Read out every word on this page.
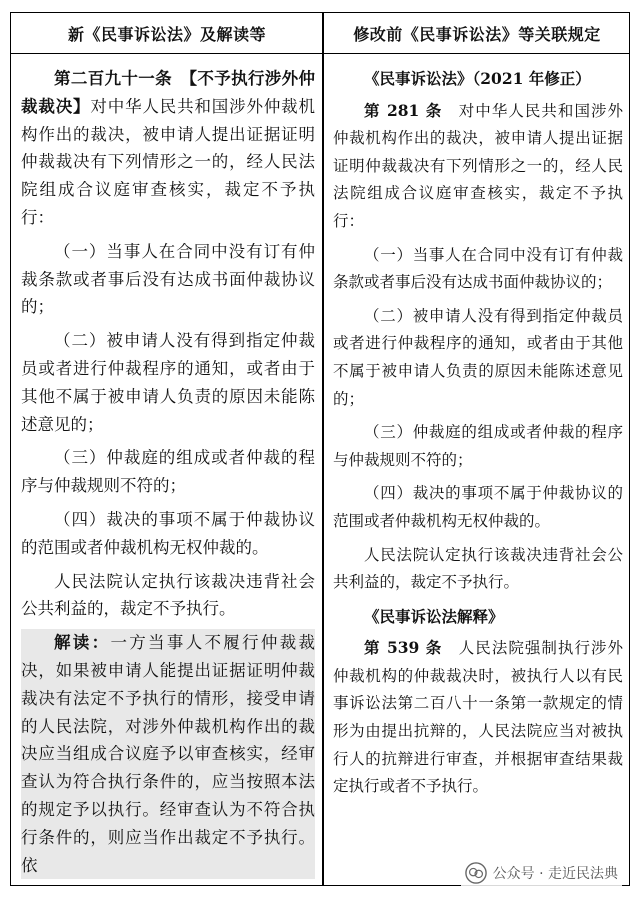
新《民事诉讼法》及解读等	修改前《民事诉讼法》等关联规定

第二百九十一条　【不予执行涉外仲裁裁决】对中华人民共和国涉外仲裁机构作出的裁决，被申请人提出证据证明仲裁裁决有下列情形之一的，经人民法院组成合议庭审查核实，裁定不予执行：

（一）当事人在合同中没有订有仲裁条款或者事后没有达成书面仲裁协议的；

（二）被申请人没有得到指定仲裁员或者进行仲裁程序的通知，或者由于其他不属于被申请人负责的原因未能陈述意见的；

（三）仲裁庭的组成或者仲裁的程序与仲裁规则不符的；

（四）裁决的事项不属于仲裁协议的范围或者仲裁机构无权仲裁的。

人民法院认定执行该裁决违背社会公共利益的，裁定不予执行。

解读：一方当事人不履行仲裁裁决，如果被申请人能提出证据证明仲裁裁决有法定不予执行的情形，接受申请的人民法院，对涉外仲裁机构作出的裁决应当组成合议庭予以审查核实，经审查认为符合执行条件的，应当按照本法的规定予以执行。经审查认为不符合执行条件的，则应当作出裁定不予执行。依

《民事诉讼法》（2021 年修正）

第 281 条　 对中华人民共和国涉外仲裁机构作出的裁决，被申请人提出证据证明仲裁裁决有下列情形之一的，经人民法院组成合议庭审查核实，裁定不予执行：

（一）当事人在合同中没有订有仲裁条款或者事后没有达成书面仲裁协议的；

（二）被申请人没有得到指定仲裁员或者进行仲裁程序的通知，或者由于其他不属于被申请人负责的原因未能陈述意见的；

（三）仲裁庭的组成或者仲裁的程序与仲裁规则不符的；

（四）裁决的事项不属于仲裁协议的范围或者仲裁机构无权仲裁的。

人民法院认定执行该裁决违背社会公共利益的，裁定不予执行。

《民事诉讼法解释》

第 539 条　 人民法院强制执行涉外仲裁机构的仲裁裁决时，被执行人以有民事诉讼法第二百八十一条第一款规定的情形为由提出抗辩的，人民法院应当对被执行人的抗辩进行审查，并根据审查结果裁定执行或者不予执行。

公众号 · 走近民法典
